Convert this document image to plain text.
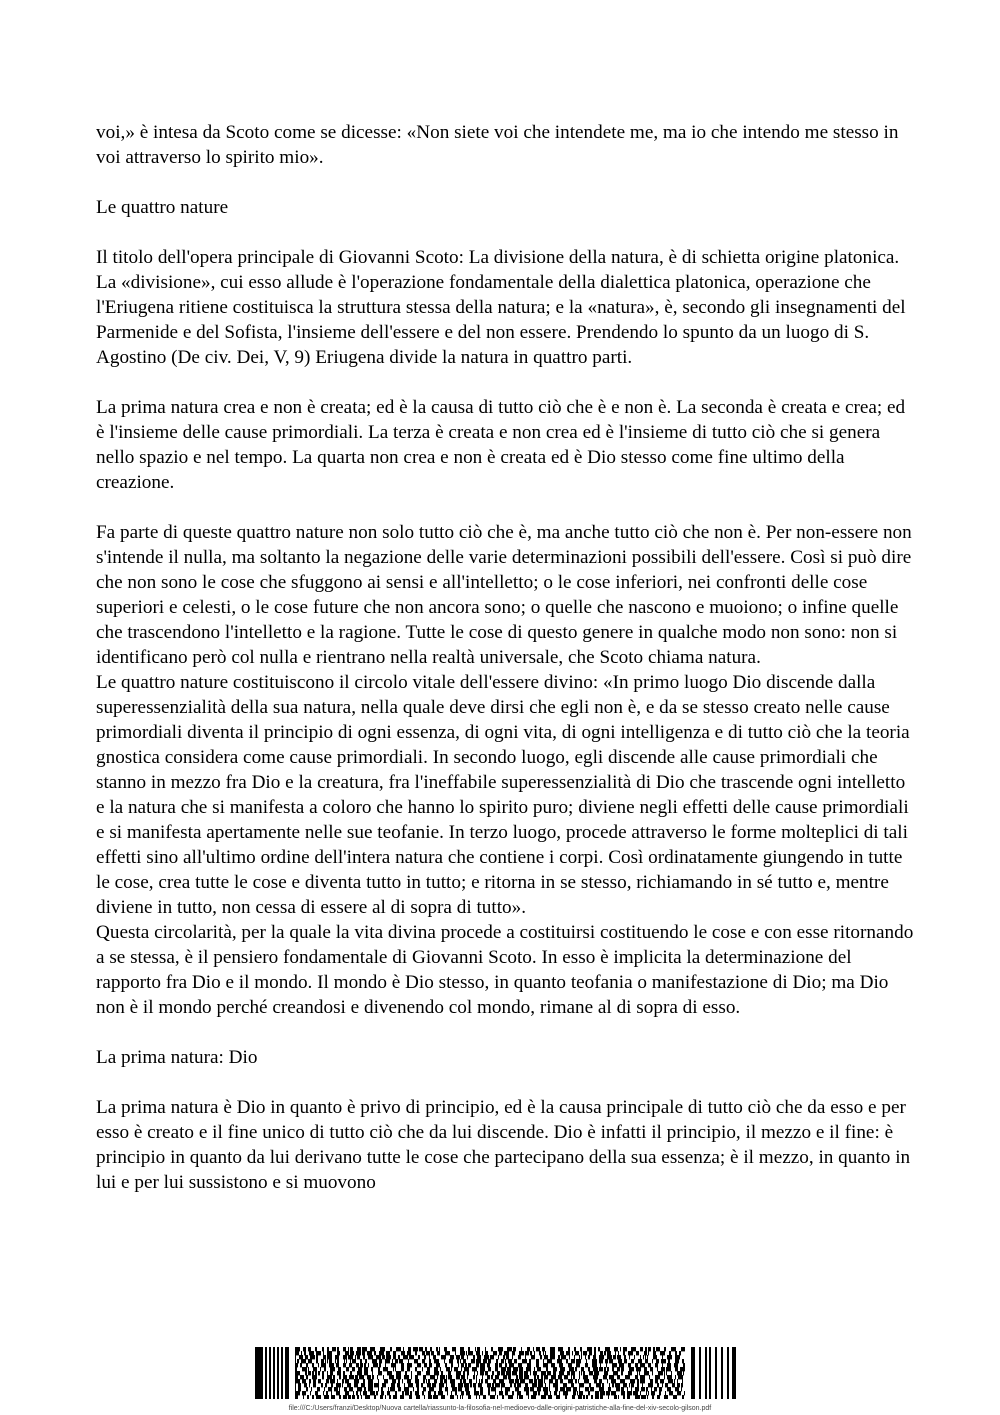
voi,» è intesa da Scoto come se dicesse: «Non siete voi che intendete me, ma io che intendo me stesso in voi attraverso lo spirito mio».

Le quattro nature

Il titolo dell'opera principale di Giovanni Scoto: La divisione della natura, è di schietta origine platonica. La «divisione», cui esso allude è l'operazione fondamentale della dialettica platonica, operazione che l'Eriugena ritiene costituisca la struttura stessa della natura; e la «natura», è, secondo gli insegnamenti del Parmenide e del Sofista, l'insieme dell'essere e del non essere. Prendendo lo spunto da un luogo di S. Agostino (De civ. Dei, V, 9) Eriugena divide la natura in quattro parti.

La prima natura crea e non è creata; ed è la causa di tutto ciò che è e non è. La seconda è creata e crea; ed è l'insieme delle cause primordiali. La terza è creata e non crea ed è l'insieme di tutto ciò che si genera nello spazio e nel tempo. La quarta non crea e non è creata ed è Dio stesso come fine ultimo della creazione.

Fa parte di queste quattro nature non solo tutto ciò che è, ma anche tutto ciò che non è. Per non-essere non s'intende il nulla, ma soltanto la negazione delle varie determinazioni possibili dell'essere. Così si può dire che non sono le cose che sfuggono ai sensi e all'intelletto; o le cose inferiori, nei confronti delle cose superiori e celesti, o le cose future che non ancora sono; o quelle che nascono e muoiono; o infine quelle che trascendono l'intelletto e la ragione. Tutte le cose di questo genere in qualche modo non sono: non si identificano però col nulla e rientrano nella realtà universale, che Scoto chiama natura.

Le quattro nature costituiscono il circolo vitale dell'essere divino: «In primo luogo Dio discende dalla superessenzialità della sua natura, nella quale deve dirsi che egli non è, e da se stesso creato nelle cause primordiali diventa il principio di ogni essenza, di ogni vita, di ogni intelligenza e di tutto ciò che la teoria gnostica considera come cause primordiali. In secondo luogo, egli discende alle cause primordiali che stanno in mezzo fra Dio e la creatura, fra l'ineffabile superessenzialità di Dio che trascende ogni intelletto e la natura che si manifesta a coloro che hanno lo spirito puro; diviene negli effetti delle cause primordiali e si manifesta apertamente nelle sue teofanie. In terzo luogo, procede attraverso le forme molteplici di tali effetti sino all'ultimo ordine dell'intera natura che contiene i corpi. Così ordinatamente giungendo in tutte le cose, crea tutte le cose e diventa tutto in tutto; e ritorna in se stesso, richiamando in sé tutto e, mentre diviene in tutto, non cessa di essere al di sopra di tutto».

Questa circolarità, per la quale la vita divina procede a costituirsi costituendo le cose e con esse ritornando a se stessa, è il pensiero fondamentale di Giovanni Scoto. In esso è implicita la determinazione del rapporto fra Dio e il mondo. Il mondo è Dio stesso, in quanto teofania o manifestazione di Dio; ma Dio non è il mondo perché creandosi e divenendo col mondo, rimane al di sopra di esso.

La prima natura: Dio

La prima natura è Dio in quanto è privo di principio, ed è la causa principale di tutto ciò che da esso e per esso è creato e il fine unico di tutto ciò che da lui discende. Dio è infatti il principio, il mezzo e il fine: è principio in quanto da lui derivano tutte le cose che partecipano della sua essenza; è il mezzo, in quanto in lui e per lui sussistono e si muovono

file:///C:/Users/franzi/Desktop/Nuova cartella/riassunto-la-filosofia-nel-medioevo-dalle-origini-patristiche-alla-fine-del-xiv-secolo-gilson.pdf
